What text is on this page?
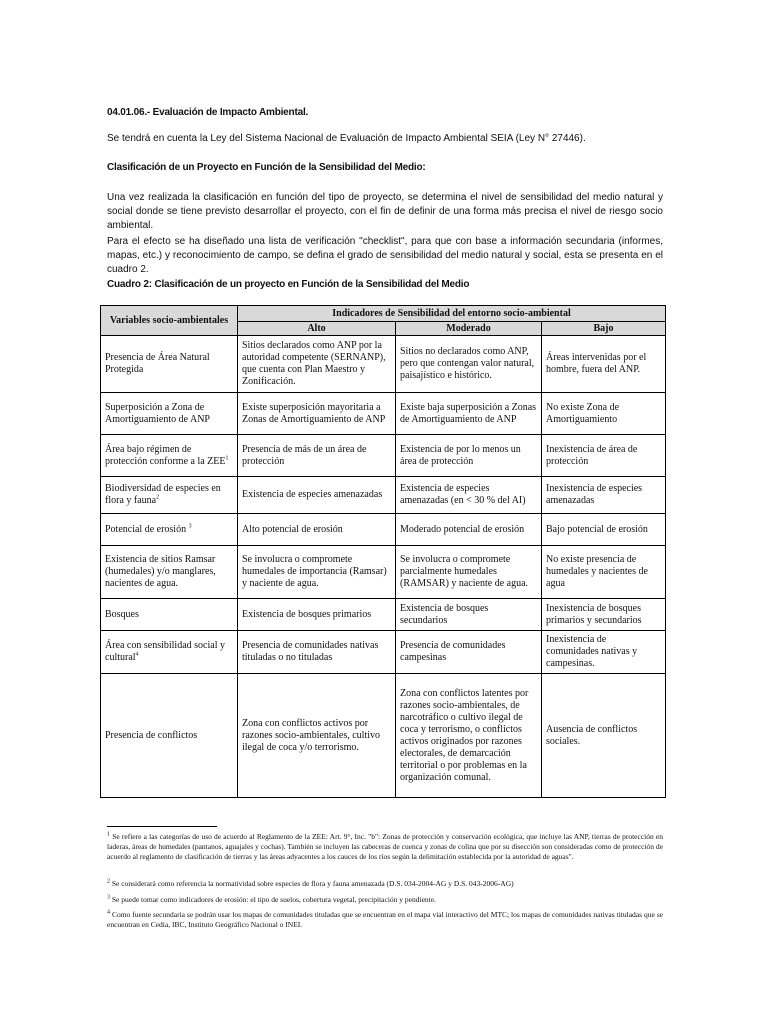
04.01.06.- Evaluación de Impacto Ambiental.
Se tendrá en cuenta la Ley del Sistema Nacional de Evaluación de Impacto Ambiental SEIA (Ley N° 27446).
Clasificación de un Proyecto en Función de la Sensibilidad del Medio:
Una vez realizada la clasificación en función del tipo de proyecto, se determina el nivel de sensibilidad del medio natural y social donde se tiene previsto desarrollar el proyecto, con el fin de definir de una forma más precisa el nivel de riesgo socio ambiental.
Para el efecto se ha diseñado una lista de verificación "checklist", para que con base a información secundaria (informes, mapas, etc.) y reconocimiento de campo, se defina el grado de sensibilidad del medio natural y social, esta se presenta en el cuadro 2.
Cuadro 2: Clasificación de un proyecto en Función de la Sensibilidad del Medio
Variables socio-ambientales	Indicadores de Sensibilidad del entorno socio-ambiental		
	Alto	Moderado	Bajo
Presencia de Área Natural Protegida	Sitios declarados como ANP por la autoridad competente (SERNANP), que cuenta con Plan Maestro y Zonificación.	Sitios no declarados como ANP, pero que contengan valor natural, paisajístico e histórico.	Áreas intervenidas por el hombre, fuera del ANP.
Superposición a Zona de Amortiguamiento de ANP	Existe superposición mayoritaria a Zonas de Amortiguamiento de ANP	Existe baja superposición a Zonas de Amortiguamiento de ANP	No existe Zona de Amortiguamiento
Área bajo régimen de protección conforme a la ZEE$^1$	Presencia de más de un área de protección	Existencia de por lo menos un área de protección	Inexistencia de área de protección
Biodiversidad de especies en flora y fauna$^2$	Existencia de especies amenazadas	Existencia de especies amenazadas (en < 30 % del AI)	Inexistencia de especies amenazadas
Potencial de erosión $^3$	Alto potencial de erosión	Moderado potencial de erosión	Bajo potencial de erosión
Existencia de sitios Ramsar (humedales) y/o manglares, nacientes de agua.	Se involucra o compromete humedales de importancia (Ramsar) y naciente de agua.	Se involucra o compromete parcialmente humedales (RAMSAR) y naciente de agua.	No existe presencia de humedales y nacientes de agua
Bosques	Existencia de bosques primarios	Existencia de bosques secundarios	Inexistencia de bosques primarios y secundarios
Área con sensibilidad social y cultural$^4$	Presencia de comunidades nativas tituladas o no tituladas	Presencia de comunidades campesinas	Inexistencia de comunidades nativas y campesinas.
Presencia de conflictos	Zona con conflictos activos por razones socio-ambientales, cultivo ilegal de coca y/o terrorismo.	Zona con conflictos latentes por razones socio-ambientales, de narcotráfico o cultivo ilegal de coca y terrorismo, o conflictos activos originados por razones electorales, de demarcación territorial o por problemas en la organización comunal.	Ausencia de conflictos sociales.
$^1$ Se refiere a las categorías de uso de acuerdo al Reglamento de la ZEE: Art. 9°, Inc. "b": Zonas de protección y conservación ecológica, que incluye las ANP, tierras de protección en laderas, áreas de humedales (pantanos, aguajales y cochas). También se incluyen las cabeceras de cuenca y zonas de colina que por su disección son consideradas como de protección de acuerdo al reglamento de clasificación de tierras y las áreas adyacentes a los cauces de los ríos según la delimitación establecida por la autoridad de aguas".
$^2$ Se considerará como referencia la normatividad sobre especies de flora y fauna amenazada (D.S. 034-2004-AG y D.S. 043-2006-AG)
$^3$ Se puede tomar como indicadores de erosión: el tipo de suelos, cobertura vegetal, precipitación y pendiente.
$^4$ Como fuente secundaria se podrán usar los mapas de comunidades tituladas que se encuentran en el mapa vial interactivo del MTC; los mapas de comunidades nativas tituladas que se encuentran en Cedia, IBC, Instituto Geográfico Nacional o INEI.
